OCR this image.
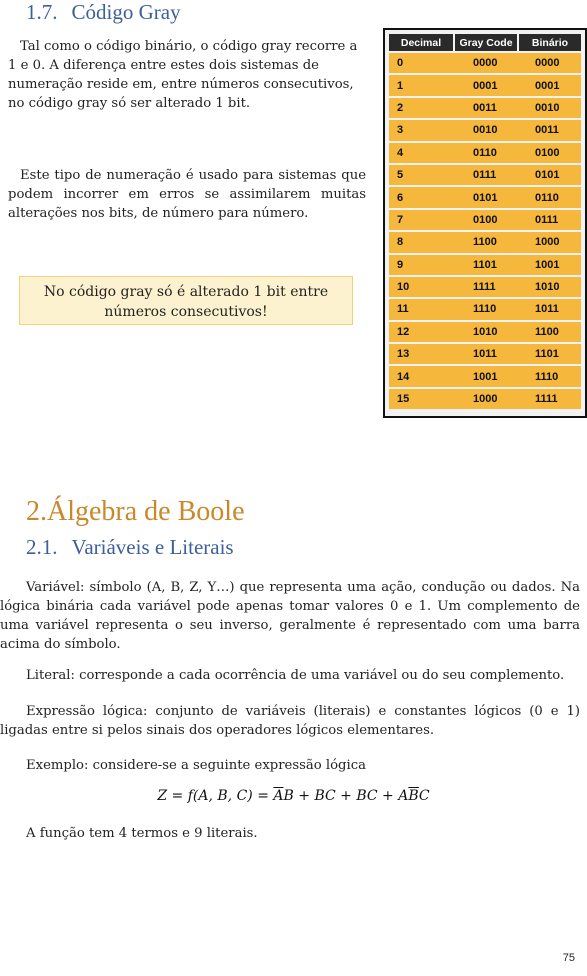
1.7. Código Gray

Tal como o código binário, o código gray recorre a 1 e 0. A diferença entre estes dois sistemas de numeração reside em, entre números consecutivos, no código gray só ser alterado 1 bit.

Este tipo de numeração é usado para sistemas que podem incorrer em erros se assimilarem muitas alterações nos bits, de número para número.

No código gray só é alterado 1 bit entre números consecutivos!
Decimal	Gray Code	Binário
0	0000	0000
1	0001	0001
2	0011	0010
3	0010	0011
4	0110	0100
5	0111	0101
6	0101	0110
7	0100	0111
8	1100	1000
9	1101	1001
10	1111	1010
11	1110	1011
12	1010	1100
13	1011	1101
14	1001	1110
15	1000	1111
2.Álgebra de Boole
2.1. Variáveis e Literais

Variável: símbolo (A, B, Z, Y…) que representa uma ação, condução ou dados. Na lógica binária cada variável pode apenas tomar valores 0 e 1. Um complemento de uma variável representa o seu inverso, geralmente é representado com uma barra acima do símbolo.

Literal: corresponde a cada ocorrência de uma variável ou do seu complemento.

Expressão lógica: conjunto de variáveis (literais) e constantes lógicos (0 e 1) ligadas entre si pelos sinais dos operadores lógicos elementares.

Exemplo: considere-se a seguinte expressão lógica

Z = f(A, B, $C) = \overline{A}B$ + BC + BC + $A\overline{B}C$

A função tem 4 termos e 9 literais.

75
